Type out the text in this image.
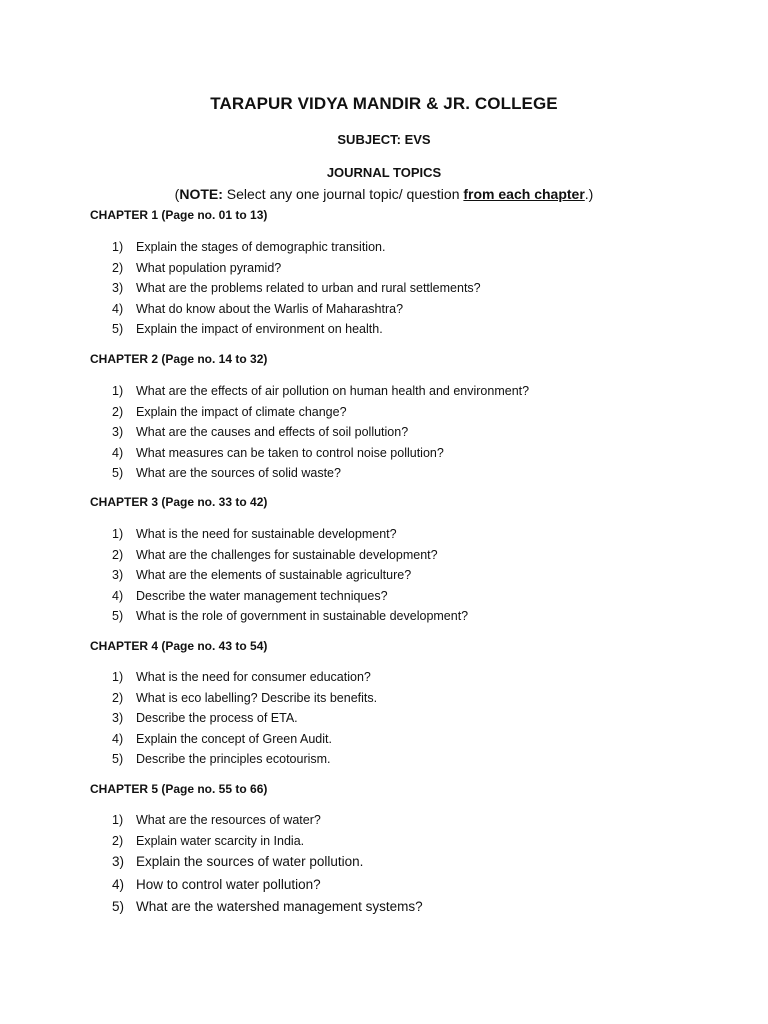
TARAPUR VIDYA MANDIR & JR. COLLEGE
SUBJECT: EVS
JOURNAL TOPICS
(NOTE: Select any one journal topic/ question from each chapter.)
CHAPTER 1 (Page no. 01 to 13)
1) Explain the stages of demographic transition.
2) What population pyramid?
3) What are the problems related to urban and rural settlements?
4) What do know about the Warlis of Maharashtra?
5) Explain the impact of environment on health.
CHAPTER 2 (Page no. 14 to 32)
1) What are the effects of air pollution on human health and environment?
2) Explain the impact of climate change?
3) What are the causes and effects of soil pollution?
4) What measures can be taken to control noise pollution?
5) What are the sources of solid waste?
CHAPTER 3 (Page no. 33 to 42)
1) What is the need for sustainable development?
2) What are the challenges for sustainable development?
3) What are the elements of sustainable agriculture?
4) Describe the water management techniques?
5) What is the role of government in sustainable development?
CHAPTER 4 (Page no. 43 to 54)
1) What is the need for consumer education?
2) What is eco labelling? Describe its benefits.
3) Describe the process of ETA.
4) Explain the concept of Green Audit.
5) Describe the principles ecotourism.
CHAPTER 5 (Page no. 55 to 66)
1) What are the resources of water?
2) Explain water scarcity in India.
3) Explain the sources of water pollution.
4) How to control water pollution?
5) What are the watershed management systems?
